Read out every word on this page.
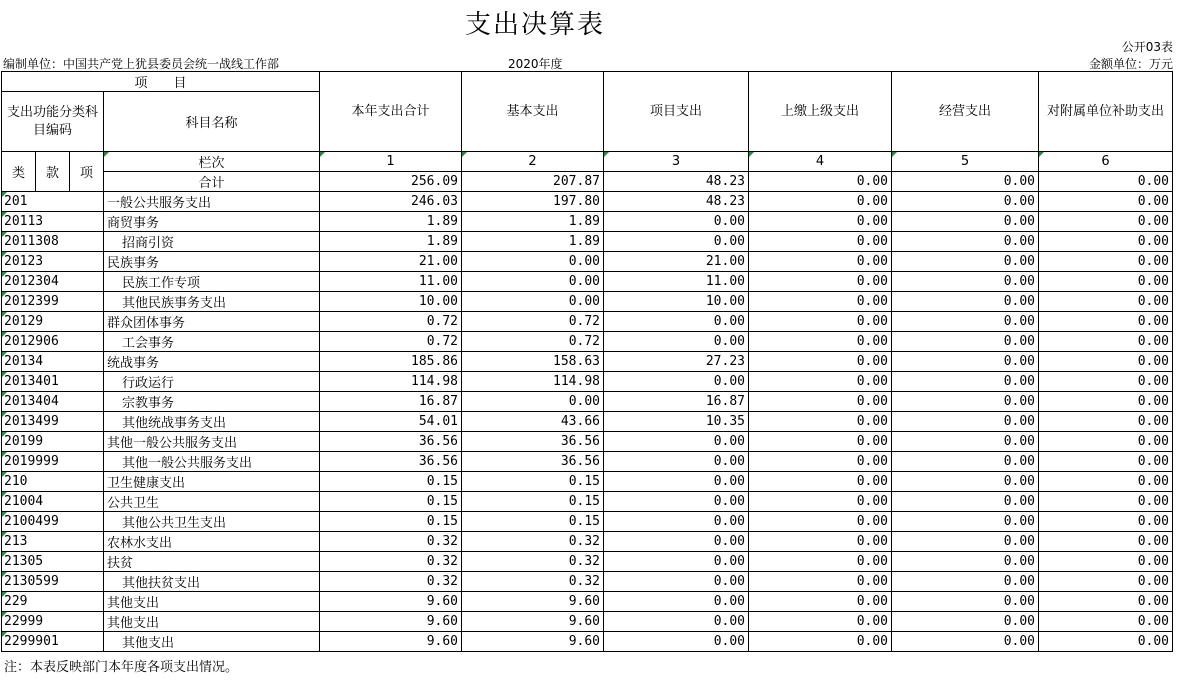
支出决算表
公开03表
编制单位：中国共产党上犹县委员会统一战线工作部	2020年度	金额单位：万元
项　　目				本年支出合计	基本支出	项目支出	上缴上级支出	经营支出	对附属单位补助支出
支出功能分类科目编码			科目名称						

类	款	项	栏次	1	2	3	4	5	6
			合计	256.09	207.87	48.23	0.00	0.00	0.00
201			一般公共服务支出	246.03	197.80	48.23	0.00	0.00	0.00
20113			商贸事务	1.89	1.89	0.00	0.00	0.00	0.00
2011308			招商引资	1.89	1.89	0.00	0.00	0.00	0.00
20123			民族事务	21.00	0.00	21.00	0.00	0.00	0.00
2012304			民族工作专项	11.00	0.00	11.00	0.00	0.00	0.00
2012399			其他民族事务支出	10.00	0.00	10.00	0.00	0.00	0.00
20129			群众团体事务	0.72	0.72	0.00	0.00	0.00	0.00
2012906			工会事务	0.72	0.72	0.00	0.00	0.00	0.00
20134			统战事务	185.86	158.63	27.23	0.00	0.00	0.00
2013401			行政运行	114.98	114.98	0.00	0.00	0.00	0.00
2013404			宗教事务	16.87	0.00	16.87	0.00	0.00	0.00
2013499			其他统战事务支出	54.01	43.66	10.35	0.00	0.00	0.00
20199			其他一般公共服务支出	36.56	36.56	0.00	0.00	0.00	0.00
2019999			其他一般公共服务支出	36.56	36.56	0.00	0.00	0.00	0.00
210			卫生健康支出	0.15	0.15	0.00	0.00	0.00	0.00
21004			公共卫生	0.15	0.15	0.00	0.00	0.00	0.00
2100499			其他公共卫生支出	0.15	0.15	0.00	0.00	0.00	0.00
213			农林水支出	0.32	0.32	0.00	0.00	0.00	0.00
21305			扶贫	0.32	0.32	0.00	0.00	0.00	0.00
2130599			其他扶贫支出	0.32	0.32	0.00	0.00	0.00	0.00
229			其他支出	9.60	9.60	0.00	0.00	0.00	0.00
22999			其他支出	9.60	9.60	0.00	0.00	0.00	0.00
2299901			其他支出	9.60	9.60	0.00	0.00	0.00	0.00
注：本表反映部门本年度各项支出情况。
